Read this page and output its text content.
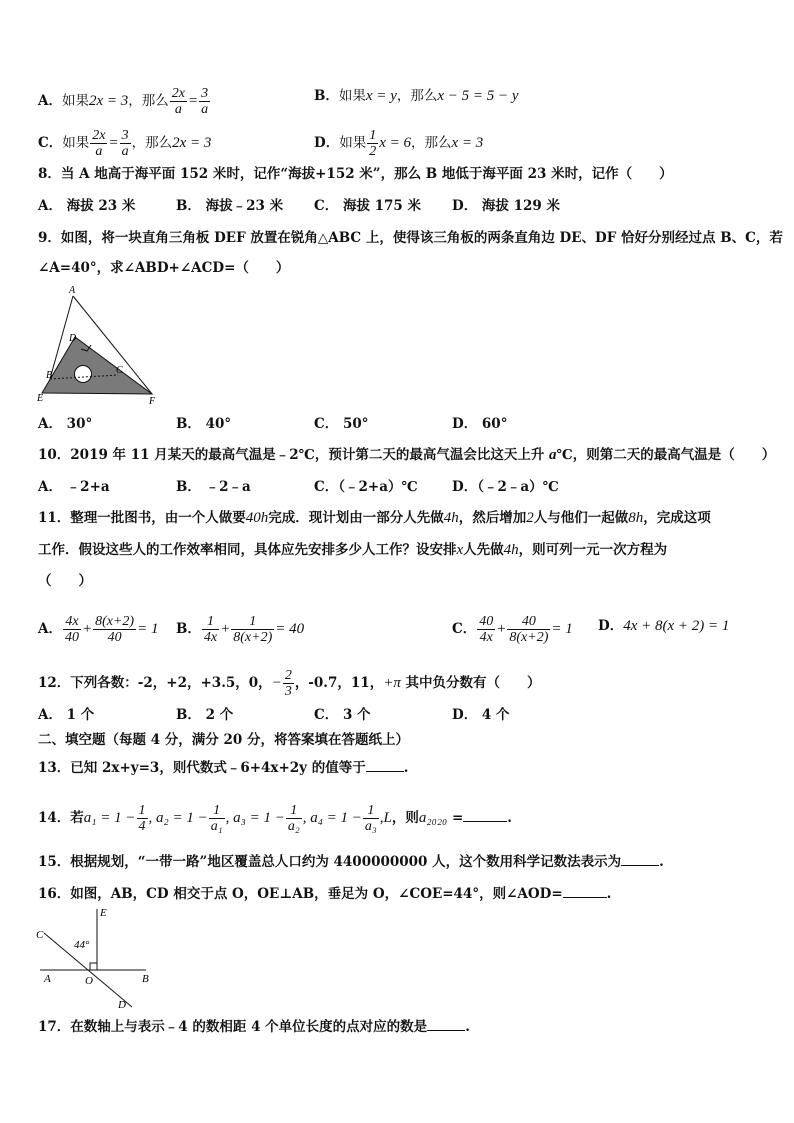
A．如果2x = 3，那么 $\frac{2x}{a} = \frac{3}{a}$	B．如果x = y，那么x − 5 = 5 − y
C．如果 $\frac{2x}{a} = \frac{3}{a}$ ，那么2x = 3	D．如果 $\frac{1}{2}$ x = 6，那么x = 3
8．当 A 地高于海平面 152 米时，记作“海拔+152 米”，那么 B 地低于海平面 23 米时，记作（　　）
A． 海拔 23 米	B． 海拔﹣23 米 C． 海拔 175 米 D． 海拔 129 米
9．如图，将一块直角三角板 DEF 放置在锐角△ABC 上，使得该三角板的两条直角边 DE、DF 恰好分别经过点 B、C，若
∠A=40°，求∠ABD+∠ACD=（　　）
A
D
B	C
E	F
A． 30°	B． 40°	C． 50°	D． 60°
10．2019 年 11 月某天的最高气温是﹣2℃，预计第二天的最高气温会比这天上升 a℃，则第二天的最高气温是（　　）
A． ﹣2+a	B． ﹣2﹣a	C．（﹣2+a）℃	D．（﹣2﹣a）℃
11．整理一批图书，由一个人做要40h完成．现计划由一部分人先做4h，然后增加2人与他们一起做8h，完成这项
工作．假设这些人的工作效率相同，具体应先安排多少人工作？设安排x人先做4h，则可列一元一次方程为
（　　）
A． $\frac{4x}{40} + \frac{8(x+2)}{40} = 1$ B． $\frac{1}{4x} + \frac{1}{8(x+2)} = 40$	C． $\frac{40}{4x} + \frac{40}{8(x+2)} = 1$ D．4x + 8(x + 2) = 1
12．下列各数：-2，+2，+3.5，0，− $\frac{2}{3}$ ，-0.7，11，+π 其中负分数有（　　）
A． 1 个	B． 2 个	C． 3 个	D． 4 个
二、填空题（每题 4 分，满分 20 分，将答案填在答题纸上）
13．已知 2x+y=3，则代数式﹣6+4x+2y 的值等于	.
14．若$a_1 = 1 - \frac{1}{4}$ , $a_2 = 1 - \frac{1}{\text{a₁}}$ , $a_3 = 1 - \frac{1}{\text{a₂}}$ , $a_4 = 1 - \frac{1}{\text{a₃}} ,L$，则a₂₀₂₀ =	.
15．根据规划，“一带一路”地区覆盖总人口约为 4400000000 人，这个数用科学记数法表示为	.
16．如图，AB，CD 相交于点 O，OE⊥AB，垂足为 O，∠COE=44°，则∠AOD=	.
E
C
44°
A	O	B
D
17．在数轴上与表示﹣4 的数相距 4 个单位长度的点对应的数是	.
